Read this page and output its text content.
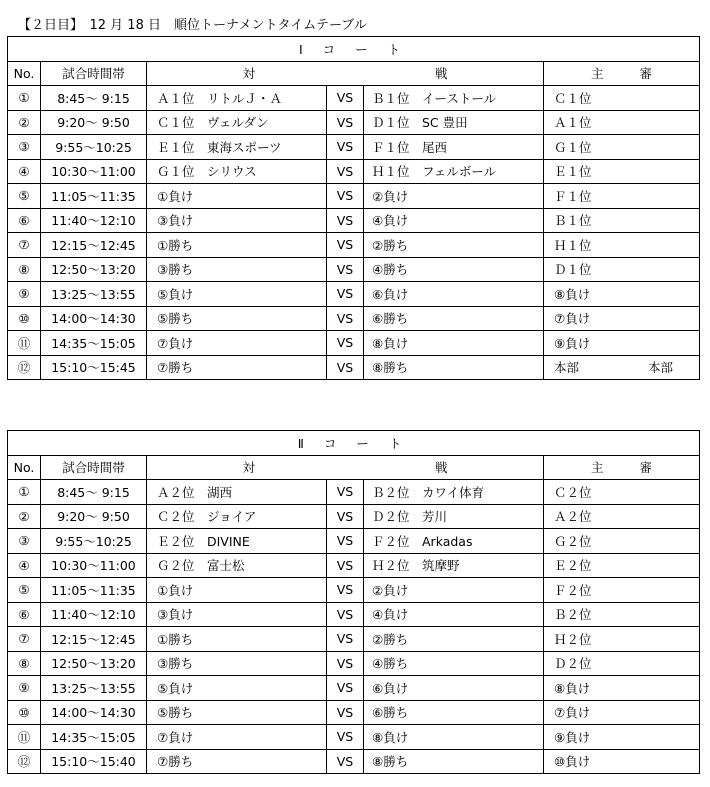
【２日目】　12 月 18 日　順位トーナメントタイムテーブル
Ⅰ コ ー ト					
No.	試合時間帯	対 戦			主 審
①	8:45〜 9:15	Ａ１位　リトルＪ・Ａ	VS	Ｂ１位　イーストール	Ｃ１位
②	9:20〜 9:50	Ｃ１位　ヴェルダン	VS	Ｄ１位　SC 豊田	Ａ１位
③	9:55〜10:25	Ｅ１位　東海スポーツ	VS	Ｆ１位　尾西	Ｇ１位
④	10:30〜11:00	Ｇ１位　シリウス	VS	Ｈ１位　フェルボール	Ｅ１位
⑤	11:05〜11:35	①負け	VS	②負け	Ｆ１位
⑥	11:40〜12:10	③負け	VS	④負け	Ｂ１位
⑦	12:15〜12:45	①勝ち	VS	②勝ち	Ｈ１位
⑧	12:50〜13:20	③勝ち	VS	④勝ち	Ｄ１位
⑨	13:25〜13:55	⑤負け	VS	⑥負け	⑧負け
⑩	14:00〜14:30	⑤勝ち	VS	⑥勝ち	⑦負け
⑪	14:35〜15:05	⑦負け	VS	⑧負け	⑨負け
⑫	15:10〜15:45	⑦勝ち	VS	⑧勝ち	本部 本部
Ⅱ コ ー ト					
No.	試合時間帯	対 戦			主 審
①	8:45〜 9:15	Ａ２位　湖西	VS	Ｂ２位　カワイ体育	Ｃ２位
②	9:20〜 9:50	Ｃ２位　ジョイア	VS	Ｄ２位　芳川	Ａ２位
③	9:55〜10:25	Ｅ２位　DIVINE	VS	Ｆ２位　Arkadas	Ｇ２位
④	10:30〜11:00	Ｇ２位　富士松	VS	Ｈ２位　筑摩野	Ｅ２位
⑤	11:05〜11:35	①負け	VS	②負け	Ｆ２位
⑥	11:40〜12:10	③負け	VS	④負け	Ｂ２位
⑦	12:15〜12:45	①勝ち	VS	②勝ち	Ｈ２位
⑧	12:50〜13:20	③勝ち	VS	④勝ち	Ｄ２位
⑨	13:25〜13:55	⑤負け	VS	⑥負け	⑧負け
⑩	14:00〜14:30	⑤勝ち	VS	⑥勝ち	⑦負け
⑪	14:35〜15:05	⑦負け	VS	⑧負け	⑨負け
⑫	15:10〜15:40	⑦勝ち	VS	⑧勝ち	⑩負け
